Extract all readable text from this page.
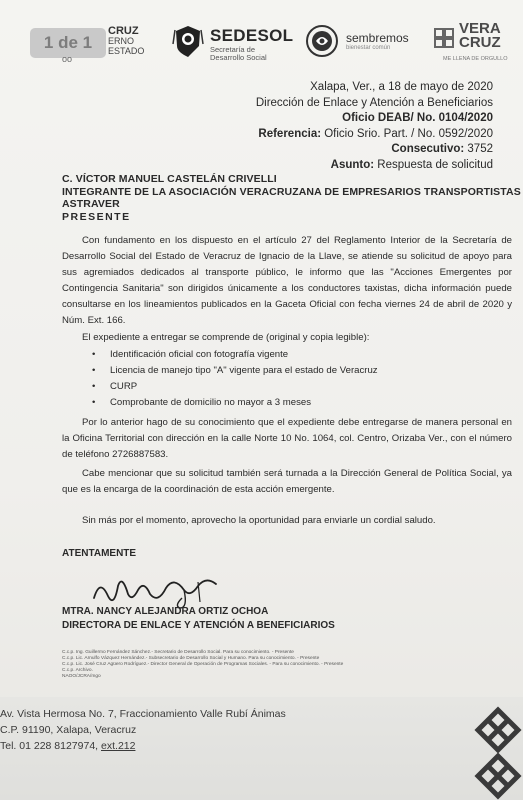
1 de 1
CRUZ
ERNO
ESTADO
SEDESOL
Secretaría de
Desarrollo Social
sembremos
bienestar común
VERA
CRUZ
ME LLENA DE ORGULLO
oo
Xalapa, Ver., a 18 de mayo de 2020
Dirección de Enlace y Atención a Beneficiarios
Oficio DEAB/ No. 0104/2020
Referencia: Oficio Srio. Part. / No. 0592/2020
Consecutivo: 3752
Asunto: Respuesta de solicitud
C. VÍCTOR MANUEL CASTELÁN CRIVELLI
INTEGRANTE DE LA ASOCIACIÓN VERACRUZANA DE EMPRESARIOS TRANSPORTISTAS
ASTRAVER
PRESENTE

Con fundamento en los dispuesto en el artículo 27 del Reglamento Interior de la Secretaría de Desarrollo Social del Estado de Veracruz de Ignacio de la Llave, se atiende su solicitud de apoyo para sus agremiados dedicados al transporte público, le informo que las "Acciones Emergentes por Contingencia Sanitaria" son dirigidos únicamente a los conductores taxistas, dicha información puede consultarse en los lineamientos publicados en la Gaceta Oficial con fecha viernes 24 de abril de 2020 y Núm. Ext. 166.

El expediente a entregar se comprende de (original y copia legible):

• Identificación oficial con fotografía vigente
• Licencia de manejo tipo "A" vigente para el estado de Veracruz
• CURP
• Comprobante de domicilio no mayor a 3 meses

Por lo anterior hago de su conocimiento que el expediente debe entregarse de manera personal en la Oficina Territorial con dirección en la calle Norte 10 No. 1064, col. Centro, Orizaba Ver., con el número de teléfono 2726887583.

Cabe mencionar que su solicitud también será turnada a la Dirección General de Política Social, ya que es la encarga de la coordinación de esta acción emergente.

Sin más por el momento, aprovecho la oportunidad para enviarle un cordial saludo.

ATENTAMENTE
MTRA. NANCY ALEJANDRA ORTIZ OCHOA
DIRECTORA DE ENLACE Y ATENCIÓN A BENEFICIARIOS
C.c.p. Ing. Guillermo Fernández Sánchez.- Secretario de Desarrollo Social. Para su conocimiento. - Presente
C.c.p. Lic. Arnulfo Vázquez Hernández.- Subsecretario de Desarrollo Social y Humano. Para su conocimiento. - Presente
C.c.p. Lic. José Cruz Agüero Rodríguez.- Director General de Operación de Programas Sociales. - Para su conocimiento. - Presente
C.c.p. Archivo.
NAOO/JCRA/mgo
Av. Vista Hermosa No. 7, Fraccionamiento Valle Rubí Ánimas
C.P. 91190, Xalapa, Veracruz
Tel. 01 228 8127974, ext.212
